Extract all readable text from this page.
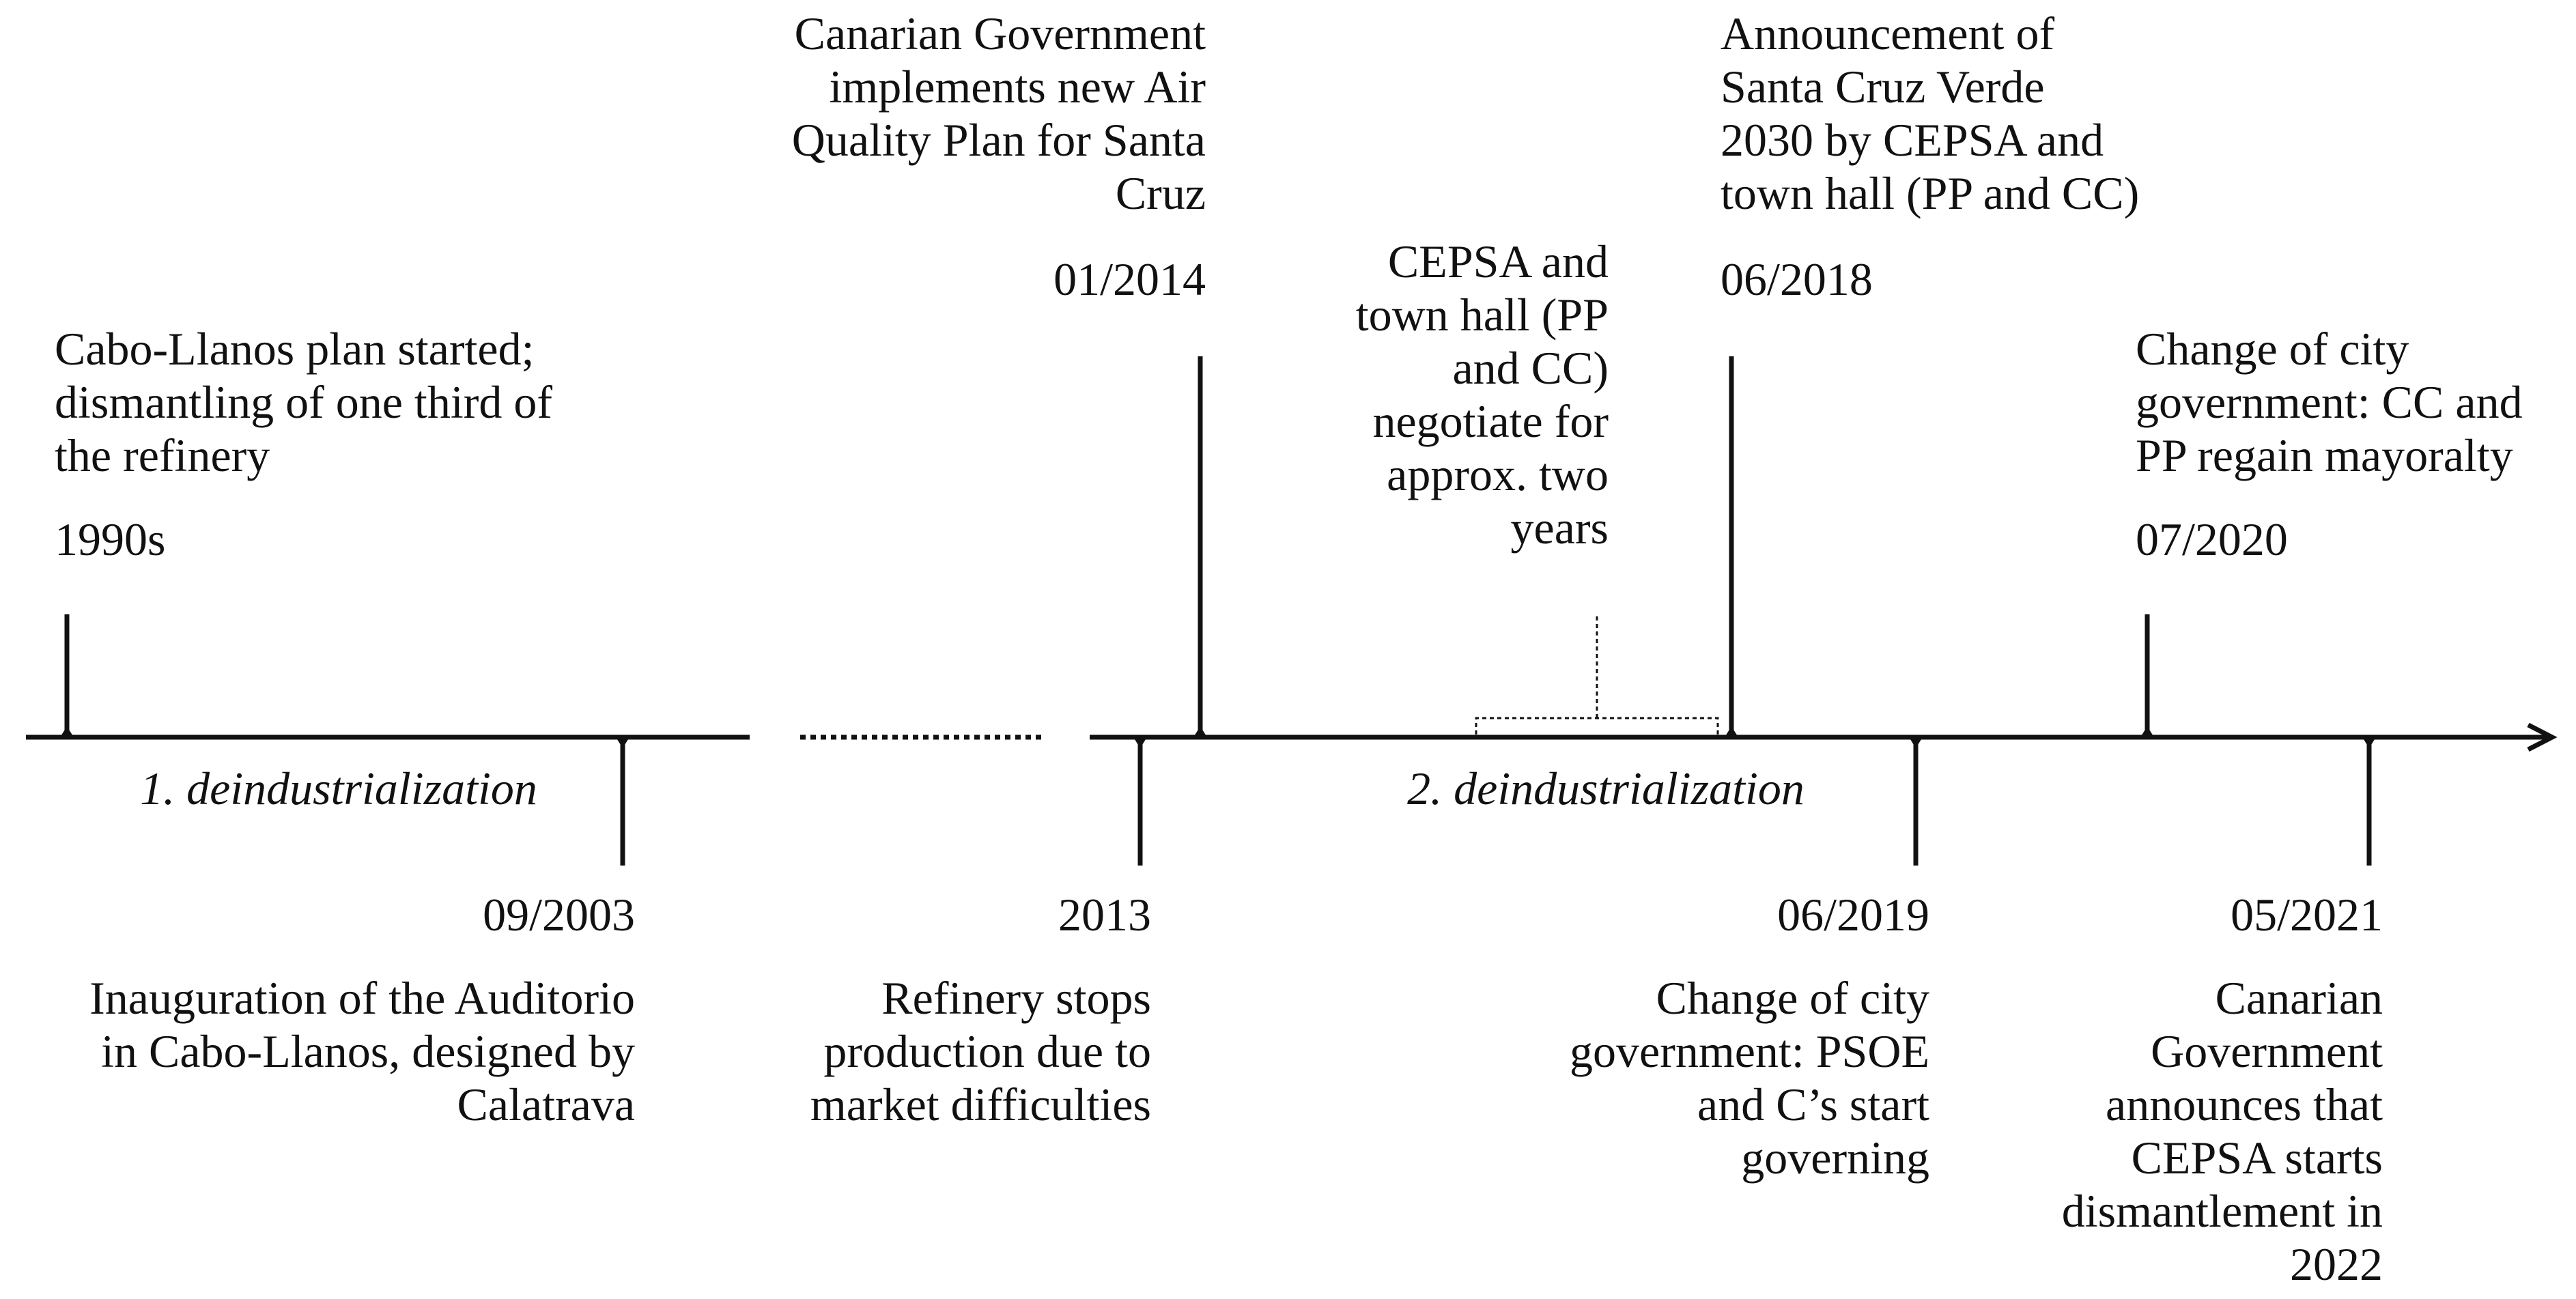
1. deindustrialization	2. deindustrialization
Cabo-Llanos plan started;
dismantling of one third of
the refinery
1990s
09/2003
Inauguration of the Auditorio
in Cabo-Llanos, designed by
Calatrava
2013
Refinery stops
production due to
market difficulties
Canarian Government
implements new Air
Quality Plan for Santa
Cruz
01/2014	CEPSA and
town hall (PP
and CC)
negotiate for
approx. two
years
Announcement of
Santa Cruz Verde
2030 by CEPSA and
town hall (PP and CC)
06/2018
06/2019
Change of city
government: PSOE
and C’s start
governing
Change of city
government: CC and
PP regain mayoralty
07/2020
05/2021
Canarian
Government
announces that
CEPSA starts
dismantlement in
2022
